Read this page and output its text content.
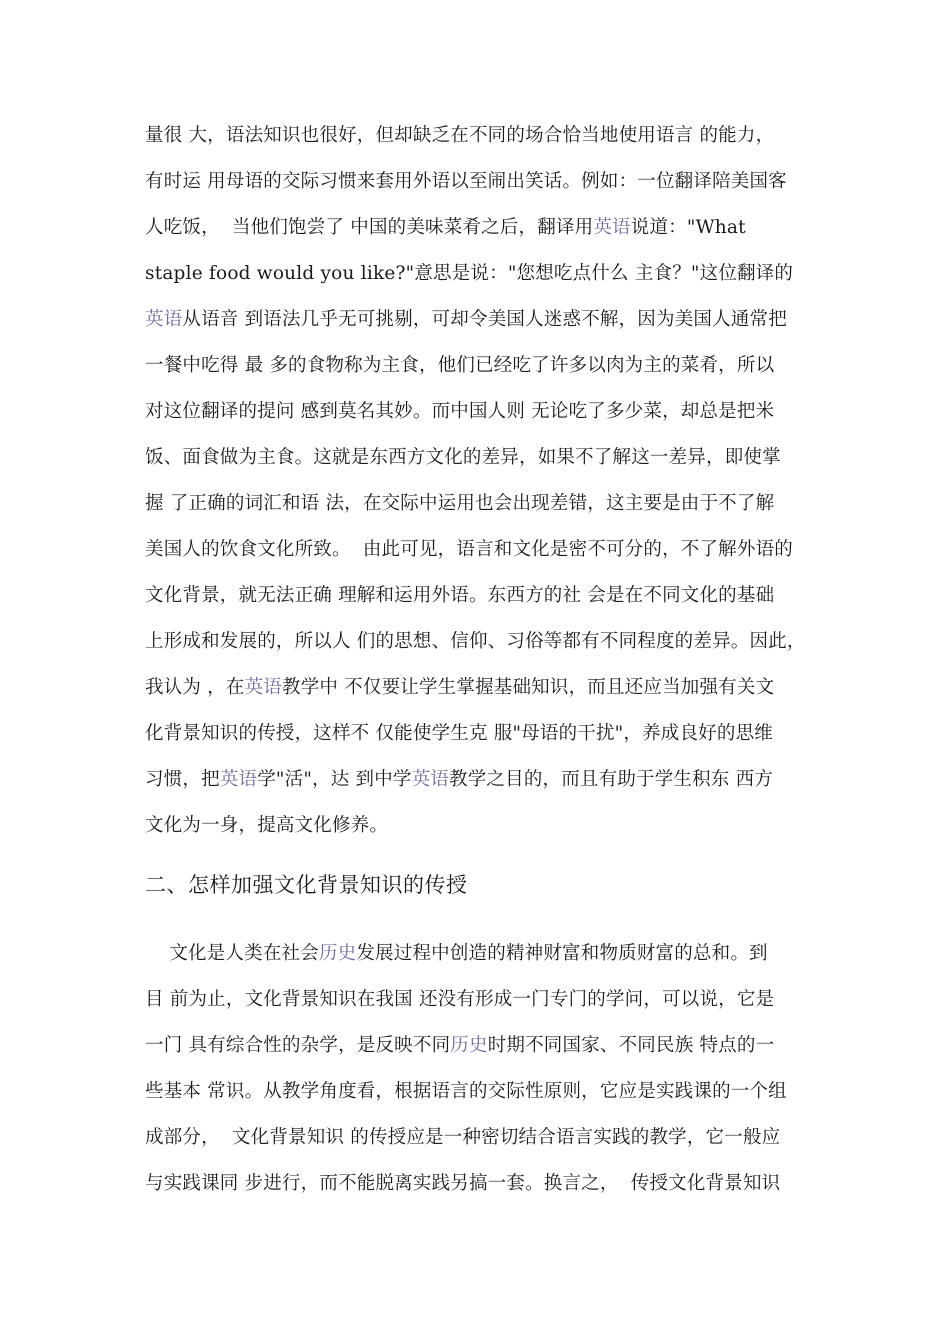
量很 大，语法知识也很好，但却缺乏在不同的场合恰当地使用语言 的能力，
有时运 用母语的交际习惯来套用外语以至闹出笑话。例如：一位翻译陪美国客
人吃饭，  当他们饱尝了 中国的美味菜肴之后，翻译用英语说道："What
staple food would you like?"意思是说："您想吃点什么 主食？"这位翻译的
英语从语音 到语法几乎无可挑剔，可却令美国人迷惑不解，因为美国人通常把
一餐中吃得 最 多的食物称为主食，他们已经吃了许多以肉为主的菜肴，所以
对这位翻译的提问 感到莫名其妙。而中国人则 无论吃了多少菜，却总是把米
饭、面食做为主食。这就是东西方文化的差异，如果不了解这一差异，即使掌
握 了正确的词汇和语 法，在交际中运用也会出现差错，这主要是由于不了解
美国人的饮食文化所致。  由此可见，语言和文化是密不可分的，不了解外语的
文化背景，就无法正确 理解和运用外语。东西方的社 会是在不同文化的基础
上形成和发展的，所以人 们的思想、信仰、习俗等都有不同程度的差异。因此，
我认为 ，在英语教学中 不仅要让学生掌握基础知识，而且还应当加强有关文
化背景知识的传授，这样不 仅能使学生克 服"母语的干扰"，养成良好的思维
习惯，把英语学"活"，达 到中学英语教学之目的，而且有助于学生积东 西方
文化为一身，提高文化修养。
二、怎样加强文化背景知识的传授
文化是人类在社会历史发展过程中创造的精神财富和物质财富的总和。到
目 前为止，文化背景知识在我国 还没有形成一门专门的学问，可以说，它是
一门 具有综合性的杂学，是反映不同历史时期不同国家、不同民族 特点的一
些基本 常识。从教学角度看，根据语言的交际性原则，它应是实践课的一个组
成部分，  文化背景知识 的传授应是一种密切结合语言实践的教学，它一般应
与实践课同 步进行，而不能脱离实践另搞一套。换言之，  传授文化背景知识
